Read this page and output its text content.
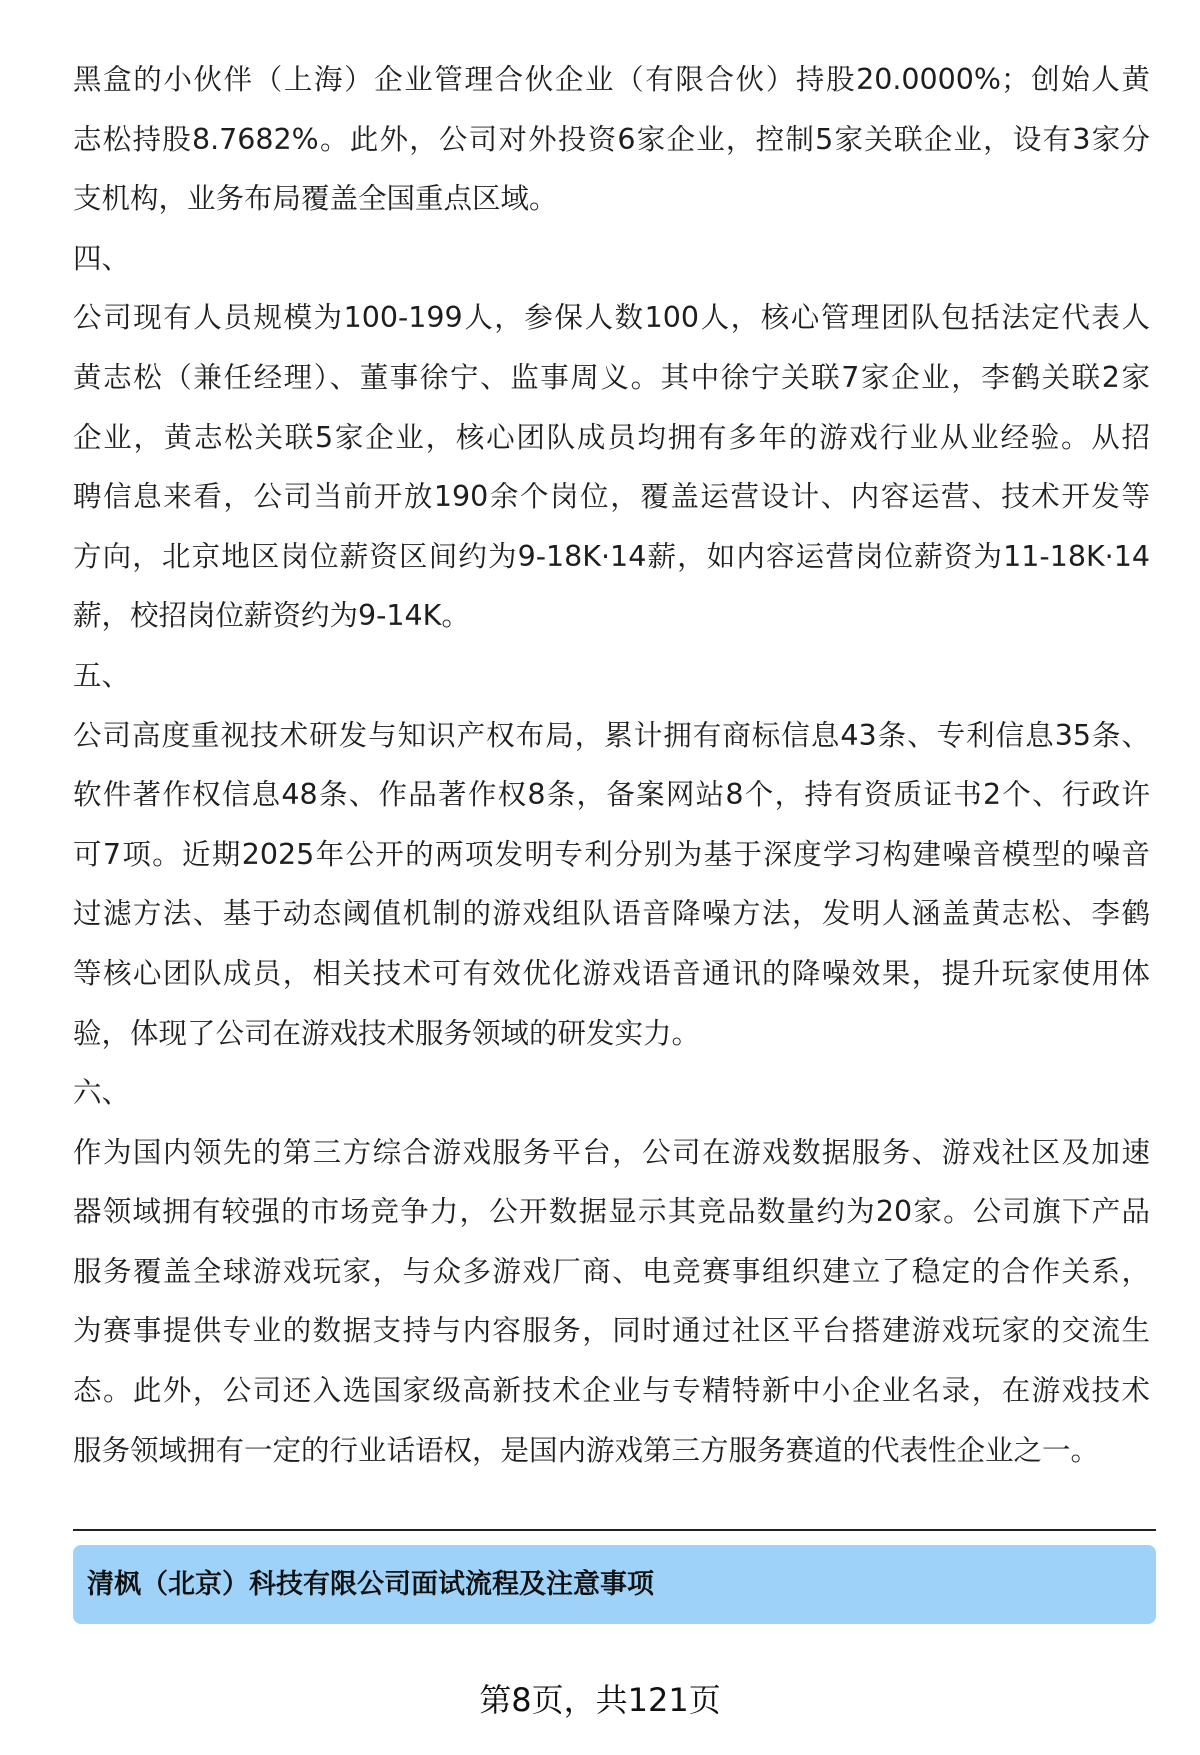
黑盒的小伙伴（上海）企业管理合伙企业（有限合伙）持股20.0000%；创始人黄
志松持股8.7682%。此外，公司对外投资6家企业，控制5家关联企业，设有3家分
支机构，业务布局覆盖全国重点区域。
四、
公司现有人员规模为100-199人，参保人数100人，核心管理团队包括法定代表人
黄志松（兼任经理）、董事徐宁、监事周义。其中徐宁关联7家企业，李鹤关联2家
企业，黄志松关联5家企业，核心团队成员均拥有多年的游戏行业从业经验。从招
聘信息来看，公司当前开放190余个岗位，覆盖运营设计、内容运营、技术开发等
方向，北京地区岗位薪资区间约为9-18K·14薪，如内容运营岗位薪资为11-18K·14
薪，校招岗位薪资约为9-14K。
五、
公司高度重视技术研发与知识产权布局，累计拥有商标信息43条、专利信息35条、
软件著作权信息48条、作品著作权8条，备案网站8个，持有资质证书2个、行政许
可7项。近期2025年公开的两项发明专利分别为基于深度学习构建噪音模型的噪音
过滤方法、基于动态阈值机制的游戏组队语音降噪方法，发明人涵盖黄志松、李鹤
等核心团队成员，相关技术可有效优化游戏语音通讯的降噪效果，提升玩家使用体
验，体现了公司在游戏技术服务领域的研发实力。
六、
作为国内领先的第三方综合游戏服务平台，公司在游戏数据服务、游戏社区及加速
器领域拥有较强的市场竞争力，公开数据显示其竞品数量约为20家。公司旗下产品
服务覆盖全球游戏玩家，与众多游戏厂商、电竞赛事组织建立了稳定的合作关系，
为赛事提供专业的数据支持与内容服务，同时通过社区平台搭建游戏玩家的交流生
态。此外，公司还入选国家级高新技术企业与专精特新中小企业名录，在游戏技术
服务领域拥有一定的行业话语权，是国内游戏第三方服务赛道的代表性企业之一。
清枫（北京）科技有限公司面试流程及注意事项
第8页，共121页
